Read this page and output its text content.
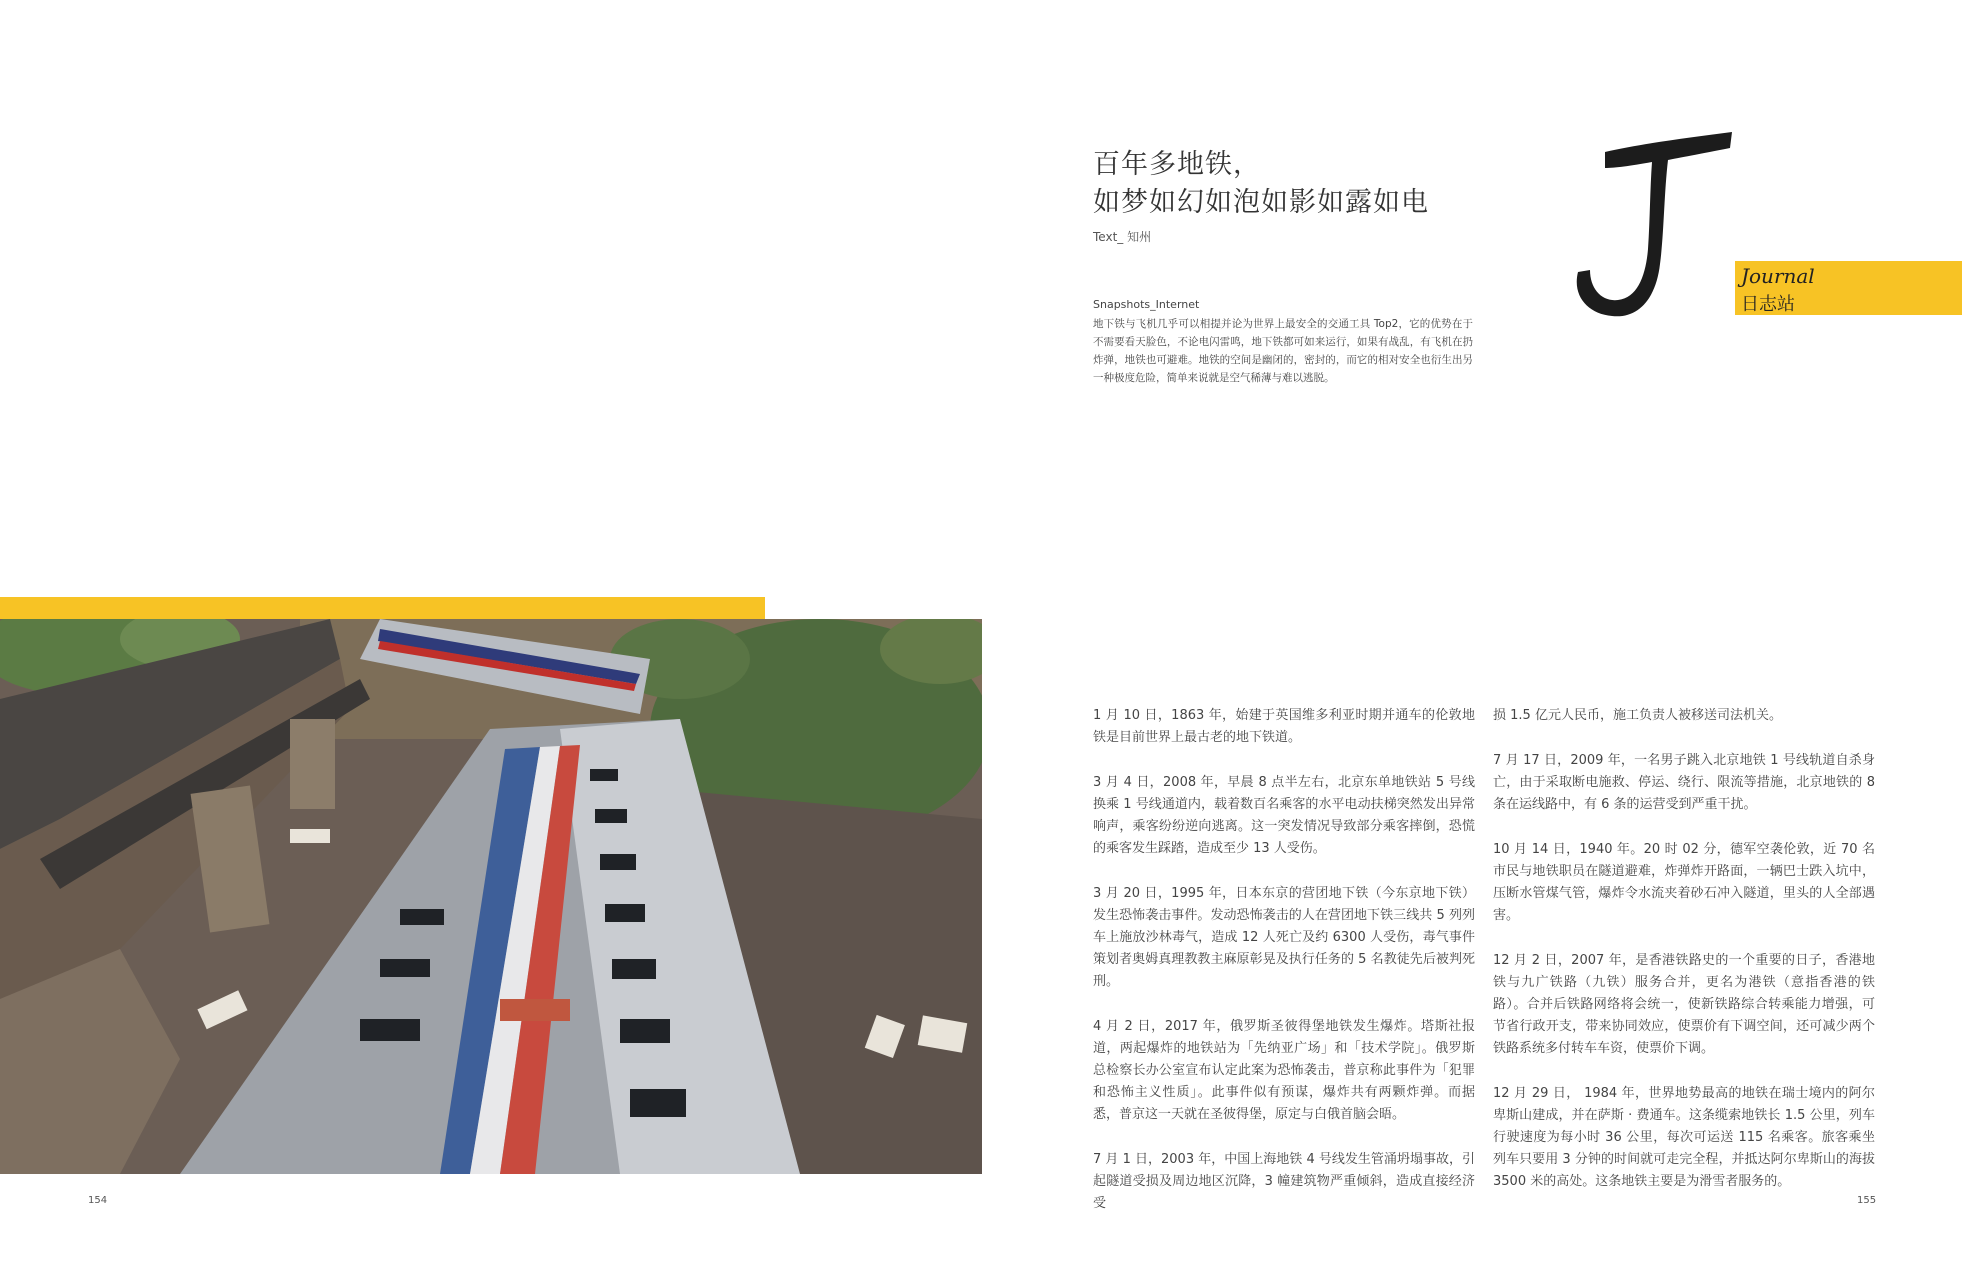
154
百年多地铁，
如梦如幻如泡如影如露如电
Text_ 知州
Snapshots_Internet
地下铁与飞机几乎可以相提并论为世界上最安全的交通工具 Top2，它的优势在于不需要看天脸色，不论电闪雷鸣，地下铁都可如来运行，如果有战乱，有飞机在扔炸弹，地铁也可避难。地铁的空间是幽闭的，密封的，而它的相对安全也衍生出另一种极度危险，简单来说就是空气稀薄与难以逃脱。
Journal
日志站

1 月 10 日，1863 年，始建于英国维多利亚时期并通车的伦敦地铁是目前世界上最古老的地下铁道。

3 月 4 日，2008 年，早晨 8 点半左右，北京东单地铁站 5 号线换乘 1 号线通道内，载着数百名乘客的水平电动扶梯突然发出异常响声，乘客纷纷逆向逃离。这一突发情况导致部分乘客摔倒，恐慌的乘客发生踩踏，造成至少 13 人受伤。

3 月 20 日，1995 年，日本东京的营团地下铁（今东京地下铁）发生恐怖袭击事件。发动恐怖袭击的人在营团地下铁三线共 5 列列车上施放沙林毒气，造成 12 人死亡及约 6300 人受伤，毒气事件策划者奥姆真理教教主麻原彰晃及执行任务的 5 名教徒先后被判死刑。

4 月 2 日，2017 年，俄罗斯圣彼得堡地铁发生爆炸。塔斯社报道，两起爆炸的地铁站为「先纳亚广场」和「技术学院」。俄罗斯总检察长办公室宣布认定此案为恐怖袭击，普京称此事件为「犯罪和恐怖主义性质」。此事件似有预谋，爆炸共有两颗炸弹。而据悉，普京这一天就在圣彼得堡，原定与白俄首脑会晤。

7 月 1 日，2003 年，中国上海地铁 4 号线发生管涌坍塌事故，引起隧道受损及周边地区沉降，3 幢建筑物严重倾斜，造成直接经济受

损 1.5 亿元人民币，施工负责人被移送司法机关。

7 月 17 日，2009 年，一名男子跳入北京地铁 1 号线轨道自杀身亡，由于采取断电施救、停运、绕行、限流等措施，北京地铁的 8 条在运线路中，有 6 条的运营受到严重干扰。

10 月 14 日，1940 年。20 时 02 分，德军空袭伦敦，近 70 名市民与地铁职员在隧道避难，炸弹炸开路面，一辆巴士跌入坑中，压断水管煤气管，爆炸令水流夹着砂石冲入隧道，里头的人全部遇害。

12 月 2 日，2007 年，是香港铁路史的一个重要的日子，香港地铁与九广铁路（九铁）服务合并，更名为港铁（意指香港的铁路）。合并后铁路网络将会统一，使新铁路综合转乘能力增强，可节省行政开支，带来协同效应，使票价有下调空间，还可减少两个铁路系统多付转车车资，使票价下调。

12 月 29 日， 1984 年，世界地势最高的地铁在瑞士境内的阿尔卑斯山建成，并在萨斯 · 费通车。这条缆索地铁长 1.5 公里，列车行驶速度为每小时 36 公里，每次可运送 115 名乘客。旅客乘坐列车只要用 3 分钟的时间就可走完全程，并抵达阿尔卑斯山的海拔 3500 米的高处。这条地铁主要是为滑雪者服务的。

155
